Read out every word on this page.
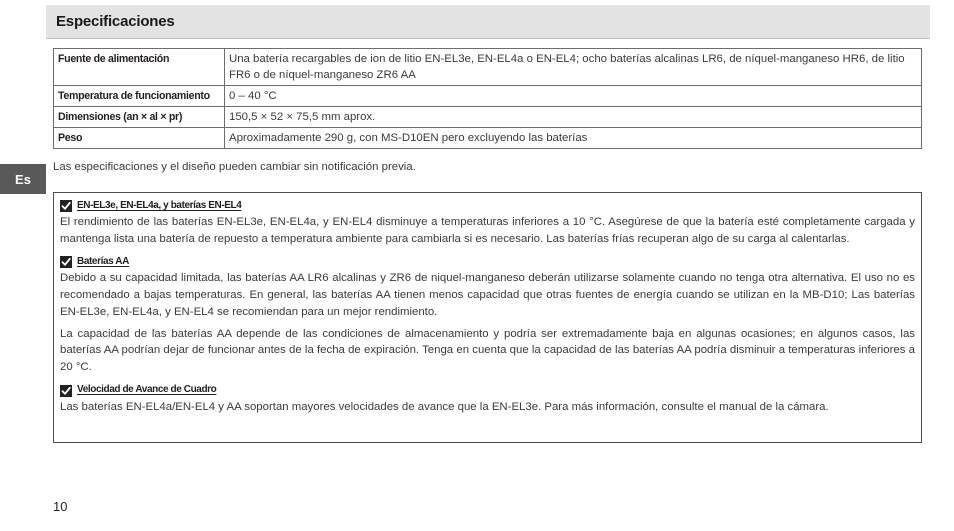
Especificaciones
Fuente de alimentación	Una batería recargables de ion de litio EN-EL3e, EN-EL4a o EN-EL4; ocho baterías alcalinas LR6, de níquel-manganeso HR6, de litio FR6 o de níquel-manganeso ZR6 AA
Temperatura de funcionamiento	0 – 40 °C
Dimensiones (an × al × pr)	150,5 × 52 × 75,5 mm aprox.
Peso	Aproximadamente 290 g, con MS-D10EN pero excluyendo las baterías
Es

Las especificaciones y el diseño pueden cambiar sin notificación previa.

EN-EL3e, EN-EL4a, y baterías EN-EL4

El rendimiento de las baterías EN-EL3e, EN-EL4a, y EN-EL4 disminuye a temperaturas inferiores a 10 °C. Asegúrese de que la batería esté completamente cargada y mantenga lista una batería de repuesto a temperatura ambiente para cambiarla si es necesario. Las baterías frías recuperan algo de su carga al calentarlas.

Baterías AA

Debido a su capacidad limitada, las baterías AA LR6 alcalinas y ZR6 de niquel-manganeso deberán utilizarse solamente cuando no tenga otra alternativa. El uso no es recomendado a bajas temperaturas. En general, las baterías AA tienen menos capacidad que otras fuentes de energía cuando se utilizan en la MB-D10; Las baterías EN-EL3e, EN-EL4a, y EN-EL4 se recomiendan para un mejor rendimiento.

La capacidad de las baterías AA depende de las condiciones de almacenamiento y podría ser extremadamente baja en algunas ocasiones; en algunos casos, las baterías AA podrían dejar de funcionar antes de la fecha de expiración. Tenga en cuenta que la capacidad de las baterías AA podría disminuir a temperaturas inferiores a 20 °C.

Velocidad de Avance de Cuadro

Las baterías EN-EL4a/EN-EL4 y AA soportan mayores velocidades de avance que la EN-EL3e. Para más información, consulte el manual de la cámara.

10
